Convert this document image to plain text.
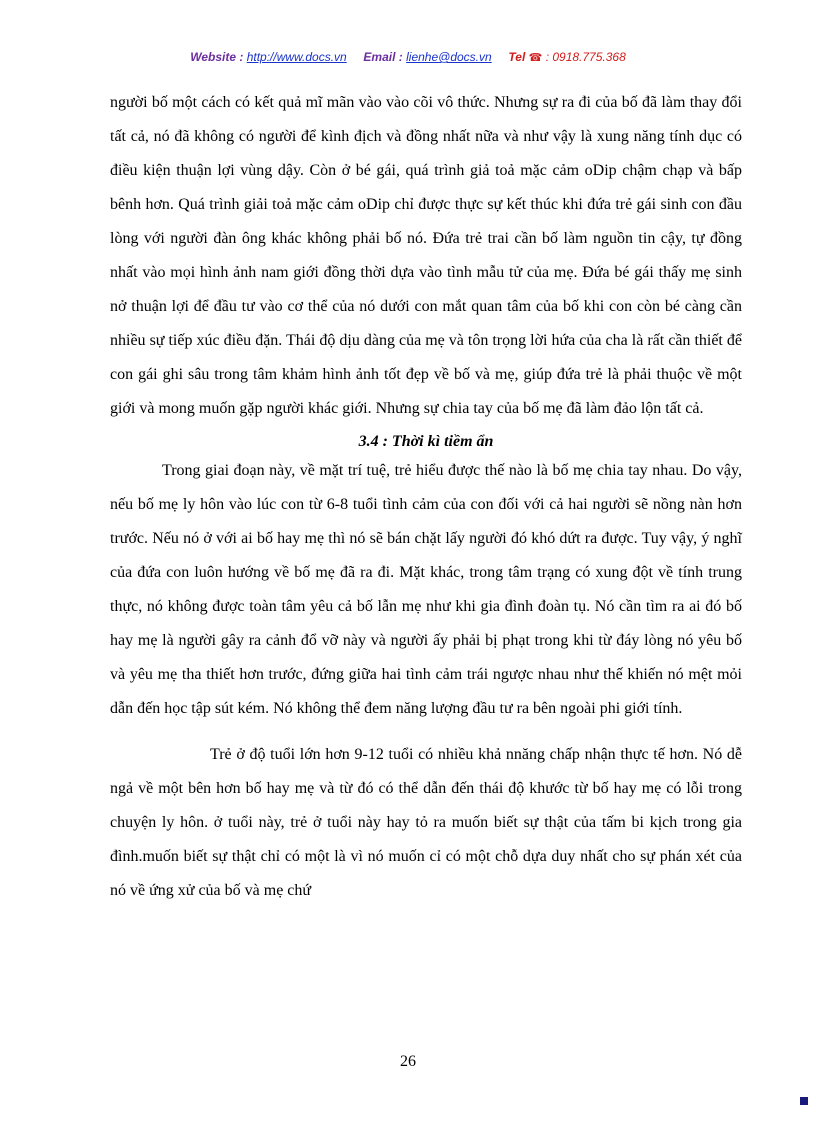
Website : http://www.docs.vn Email : lienhe@docs.vn Tel ☎ : 0918.775.368

người bố một cách có kết quả mĩ mãn vào vào cõi vô thức. Nhưng sự ra đi của bố đã làm thay đổi tất cả, nó đã không có người để kình địch và đồng nhất nữa và như vậy là xung năng tính dục có điều kiện thuận lợi vùng dậy. Còn ở bé gái, quá trình giả toả mặc cảm oDip chậm chạp và bấp bênh hơn. Quá trình giải toả mặc cảm oDip chỉ được thực sự kết thúc khi đứa trẻ gái sinh con đầu lòng với người đàn ông khác không phải bố nó. Đứa trẻ trai cần bố làm nguồn tin cậy, tự đồng nhất vào mọi hình ảnh nam giới đồng thời dựa vào tình mẫu tử của mẹ. Đứa bé gái thấy mẹ sinh nở thuận lợi để đầu tư vào cơ thể của nó dưới con mắt quan tâm của bố khi con còn bé càng cần nhiều sự tiếp xúc điều đặn. Thái độ dịu dàng của mẹ và tôn trọng lời hứa của cha là rất cần thiết để con gái ghi sâu trong tâm khảm hình ảnh tốt đẹp về bố và mẹ, giúp đứa trẻ là phải thuộc về một giới và mong muốn gặp người khác giới. Nhưng sự chia tay của bố mẹ đã làm đảo lộn tất cả.

3.4 : Thời kì tiềm ẩn

Trong giai đoạn này, về mặt trí tuệ, trẻ hiểu được thế nào là bố mẹ chia tay nhau. Do vậy, nếu bố mẹ ly hôn vào lúc con từ 6-8 tuổi tình cảm của con đối với cả hai người sẽ nồng nàn hơn trước. Nếu nó ở với ai bố hay mẹ thì nó sẽ bán chặt lấy người đó khó dứt ra được. Tuy vậy, ý nghĩ của đứa con luôn hướng về bố mẹ đã ra đi. Mặt khác, trong tâm trạng có xung đột về tính trung thực, nó không được toàn tâm yêu cả bố lẫn mẹ như khi gia đình đoàn tụ. Nó cần tìm ra ai đó bố hay mẹ là người gây ra cảnh đổ vỡ này và người ấy phải bị phạt trong khi từ đáy lòng nó yêu bố và yêu mẹ tha thiết hơn trước, đứng giữa hai tình cảm trái ngược nhau như thế khiến nó mệt mỏi dẫn đến học tập sút kém. Nó không thể đem năng lượng đầu tư ra bên ngoài phi giới tính.

Trẻ ở độ tuổi lớn hơn 9-12 tuổi có nhiều khả nnăng chấp nhận thực tế hơn. Nó dễ ngả về một bên hơn bố hay mẹ và từ đó có thể dẫn đến thái độ khước từ bố hay mẹ có lỗi trong chuyện ly hôn. ở tuổi này, trẻ ở tuổi này hay tỏ ra muốn biết sự thật của tấm bi kịch trong gia đình.muốn biết sự thật chỉ có một là vì nó muốn cỉ có một chỗ dựa duy nhất cho sự phán xét của nó về ứng xử của bố và mẹ chứ

26
